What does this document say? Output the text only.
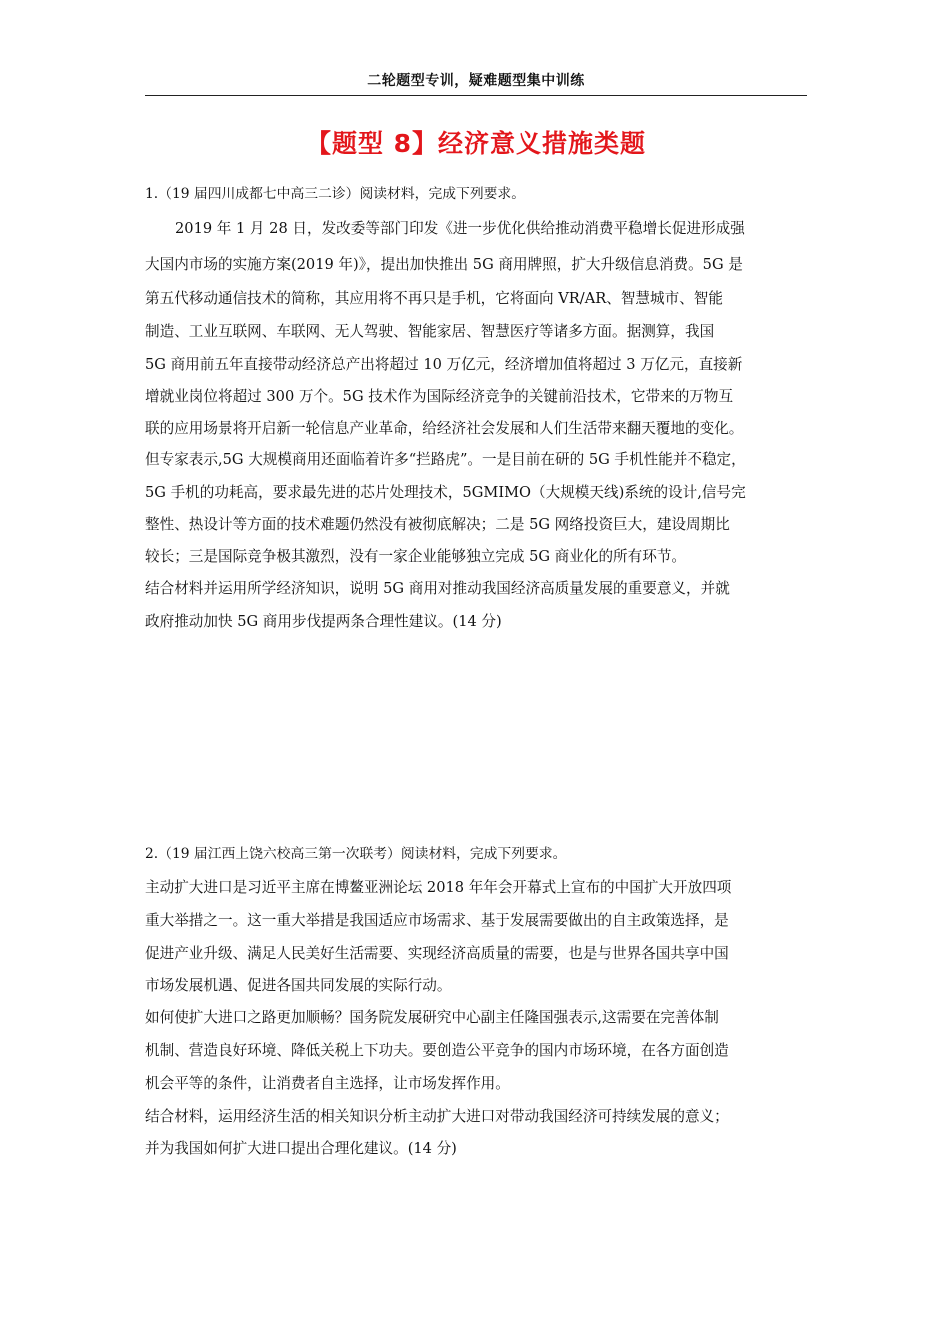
二轮题型专训，疑难题型集中训练
【题型 8】经济意义措施类题
1.（19 届四川成都七中高三二诊）阅读材料，完成下列要求。
2019 年 1 月 28 日，发改委等部门印发《进一步优化供给推动消费平稳增长促进形成强
大国内市场的实施方案(2019 年)》，提出加快推出 5G 商用牌照，扩大升级信息消费。5G 是
第五代移动通信技术的简称，其应用将不再只是手机，它将面向 VR/AR、智慧城市、智能
制造、工业互联网、车联网、无人驾驶、智能家居、智慧医疗等诸多方面。据测算，我国
5G 商用前五年直接带动经济总产出将超过 10 万亿元，经济增加值将超过 3 万亿元，直接新
增就业岗位将超过 300 万个。5G 技术作为国际经济竞争的关键前沿技术，它带来的万物互
联的应用场景将开启新一轮信息产业革命，给经济社会发展和人们生活带来翻天覆地的变化。
但专家表示,5G 大规模商用还面临着许多“拦路虎”。一是目前在研的 5G 手机性能并不稳定，
5G 手机的功耗高，要求最先进的芯片处理技术，5GMIMO（大规模天线)系统的设计,信号完
整性、热设计等方面的技术难题仍然没有被彻底解决；二是 5G 网络投资巨大，建设周期比
较长；三是国际竞争极其激烈，没有一家企业能够独立完成 5G 商业化的所有环节。
结合材料并运用所学经济知识，说明 5G 商用对推动我国经济高质量发展的重要意义，并就
政府推动加快 5G 商用步伐提两条合理性建议。(14 分)
2.（19 届江西上饶六校高三第一次联考）阅读材料，完成下列要求。
主动扩大进口是习近平主席在博鳌亚洲论坛 2018 年年会开幕式上宣布的中国扩大开放四项
重大举措之一。这一重大举措是我国适应市场需求、基于发展需要做出的自主政策选择，是
促进产业升级、满足人民美好生活需要、实现经济高质量的需要，也是与世界各国共享中国
市场发展机遇、促进各国共同发展的实际行动。
如何使扩大进口之路更加顺畅？国务院发展研究中心副主任隆国强表示,这需要在完善体制
机制、营造良好环境、降低关税上下功夫。要创造公平竞争的国内市场环境，在各方面创造
机会平等的条件，让消费者自主选择，让市场发挥作用。
结合材料，运用经济生活的相关知识分析主动扩大进口对带动我国经济可持续发展的意义；
并为我国如何扩大进口提出合理化建议。(14 分)
